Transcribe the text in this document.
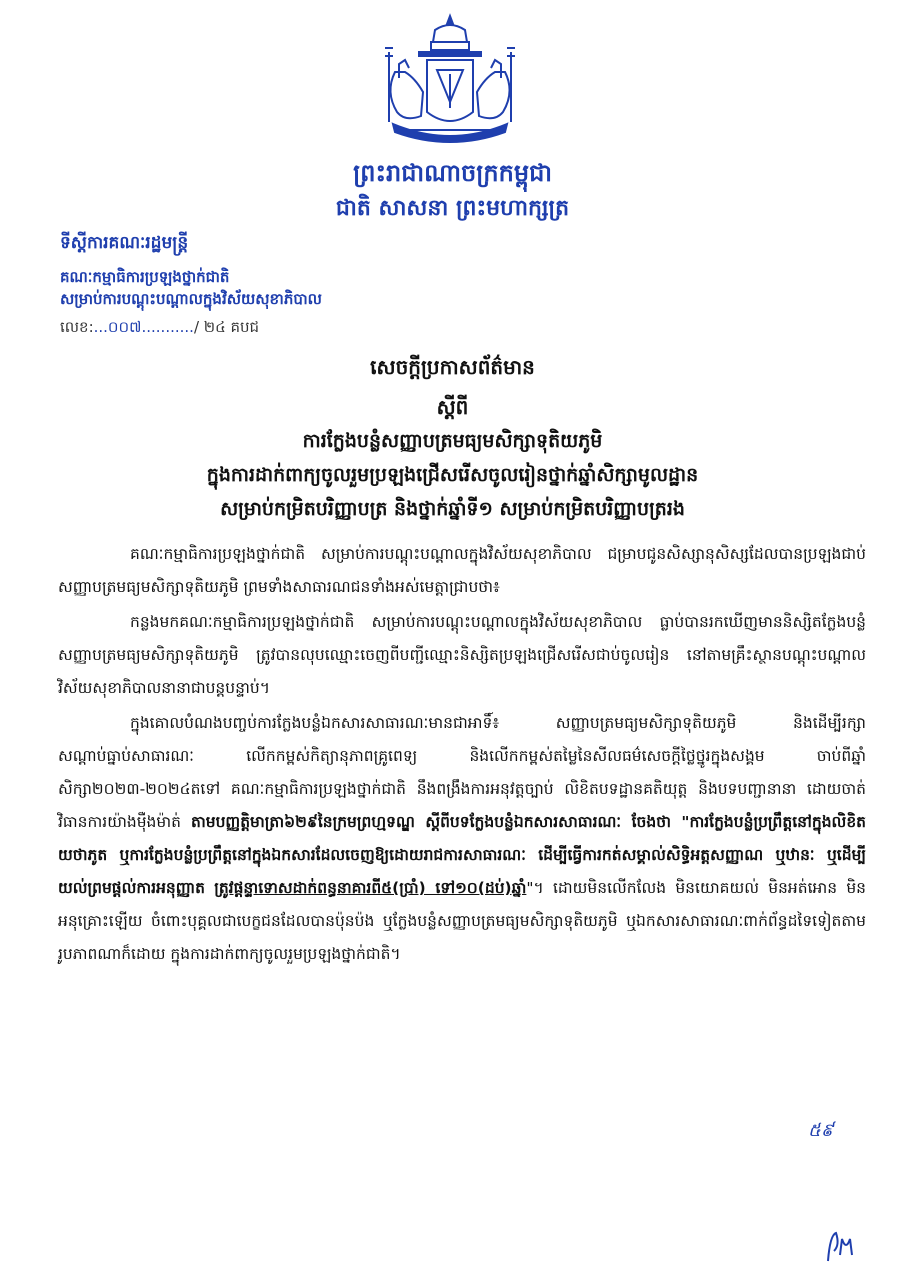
ព្រះរាជាណាចក្រកម្ពុជា
ជាតិ សាសនា ព្រះមហាក្សត្រ
ទីស្តីការគណៈរដ្ឋមន្ត្រី
គណៈកម្មាធិការប្រឡងថ្នាក់ជាតិ
សម្រាប់ការបណ្តុះបណ្តាលក្នុងវិស័យសុខាភិបាល
លេខ:...០០៧.........../ ២៤ គបជ
សេចក្តីប្រកាសព័ត៌មាន
ស្តីពី
ការក្លែងបន្លំសញ្ញាបត្រមធ្យមសិក្សាទុតិយភូមិ
ក្នុងការដាក់ពាក្យចូលរួមប្រឡងជ្រើសរើសចូលរៀនថ្នាក់ឆ្នាំសិក្សាមូលដ្ឋាន
សម្រាប់កម្រិតបរិញ្ញាបត្រ និងថ្នាក់ឆ្នាំទី១ សម្រាប់កម្រិតបរិញ្ញាបត្ររង

គណៈកម្មាធិការប្រឡងថ្នាក់ជាតិ សម្រាប់ការបណ្តុះបណ្តាលក្នុងវិស័យសុខាភិបាល ជម្រាបជូនសិស្សានុសិស្សដែលបានប្រឡងជាប់សញ្ញាបត្រមធ្យមសិក្សាទុតិយភូមិ ព្រមទាំងសាធារណជនទាំងអស់មេត្តាជ្រាបថា៖

កន្លងមកគណៈកម្មាធិការប្រឡងថ្នាក់ជាតិ សម្រាប់ការបណ្តុះបណ្តាលក្នុងវិស័យសុខាភិបាល ធ្លាប់បានរកឃើញមាននិស្សិតក្លែងបន្លំសញ្ញាបត្រមធ្យមសិក្សាទុតិយភូមិ ត្រូវបានលុបឈ្មោះចេញពីបញ្ជីឈ្មោះនិស្សិតប្រឡងជ្រើសរើសជាប់ចូលរៀន នៅតាមគ្រឹះស្ថានបណ្តុះបណ្តាលវិស័យសុខាភិបាលនានាជាបន្តបន្ទាប់។

ក្នុងគោលបំណងបញ្ចប់ការក្លែងបន្លំឯកសារសាធារណៈមានជាអាទិ៍៖ សញ្ញាបត្រមធ្យមសិក្សាទុតិយភូមិ និងដើម្បីរក្សាសណ្តាប់ធ្នាប់សាធារណៈ លើកកម្ពស់កិត្យានុភាពគ្រូពេទ្យ និងលើកកម្ពស់តម្លៃនៃសីលធម៌សេចក្តីថ្លៃថ្នូរក្នុងសង្គម ចាប់ពីឆ្នាំសិក្សា២០២៣-២០២៤តទៅ គណៈកម្មាធិការប្រឡងថ្នាក់ជាតិ នឹងពង្រឹងការអនុវត្តច្បាប់ លិខិតបទដ្ឋានគតិយុត្ត និងបទបញ្ជានានា ដោយចាត់វិធានការយ៉ាងម៉ឺងម៉ាត់ តាមបញ្ញត្តិមាត្រា៦២៩នៃក្រមព្រហ្មទណ្ឌ ស្តីពីបទក្លែងបន្លំឯកសារសាធារណៈ ចែងថា "ការក្លែងបន្លំប្រព្រឹត្តនៅក្នុងលិខិតយថាភូត ឬការក្លែងបន្លំប្រព្រឹត្តនៅក្នុងឯកសារដែលចេញឱ្យដោយរាជការសាធារណៈ ដើម្បីធ្វើការកត់សម្គាល់សិទ្ធិអត្តសញ្ញាណ ឬឋានៈ ឬដើម្បីយល់ព្រមផ្តល់ការអនុញ្ញាត ត្រូវផ្តន្ទាទោសដាក់ពន្ធនាគារពី៥(ប្រាំ) ទៅ១០(ដប់)ឆ្នាំ"។ ដោយមិនលើកលែង មិនយោគយល់ មិនអត់អោន មិនអនុគ្រោះឡើយ ចំពោះបុគ្គលជាបេក្ខជនដែលបានប៉ុនប៉ង ឬក្លែងបន្លំសញ្ញាបត្រមធ្យមសិក្សាទុតិយភូមិ ឬឯកសារសាធារណៈពាក់ព័ន្ធដទៃទៀតតាមរូបភាពណាក៏ដោយ ក្នុងការដាក់ពាក្យចូលរួមប្រឡងថ្នាក់ជាតិ។

៥៩
